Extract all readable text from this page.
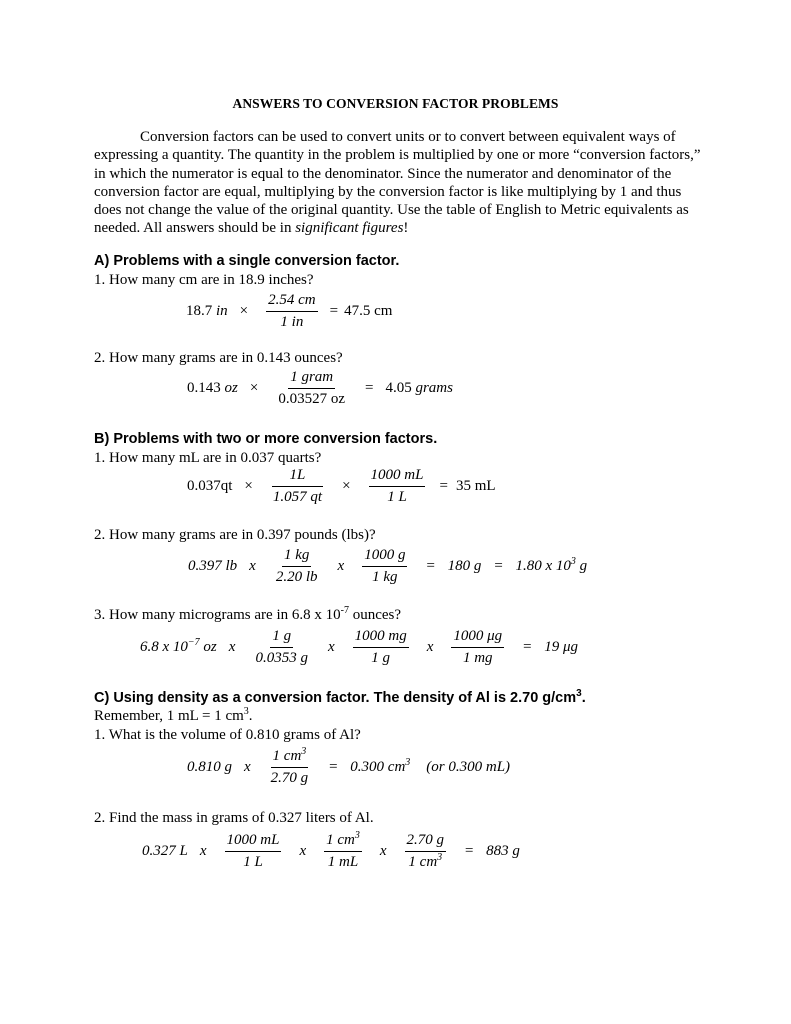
ANSWERS TO CONVERSION FACTOR PROBLEMS
Conversion factors can be used to convert units or to convert between equivalent ways of expressing a quantity. The quantity in the problem is multiplied by one or more “conversion factors,” in which the numerator is equal to the denominator. Since the numerator and denominator of the conversion factor are equal, multiplying by the conversion factor is like multiplying by 1 and thus does not change the value of the original quantity. Use the table of English to Metric equivalents as needed. All answers should be in significant figures!
A) Problems with a single conversion factor.
1. How many cm are in 18.9 inches?
18.7 in × $\frac{2.54 cm}{1 in} = 47.5$ cm
2. How many grams are in 0.143 ounces?
0.143 oz × $\frac{\text{1 gram}}{0.03527 oz} = 4.05$ grams
B) Problems with two or more conversion factors.
1. How many mL are in 0.037 quarts?
$0.037qt \times \frac{1L}{1.057 qt} \times \frac{1000 mL}{1 L} = 35$ mL
2. How many grams are in 0.397 pounds (lbs)?
0.397 lb x $\frac{1 kg}{2.20 lb}$ x $\frac{1000 g}{1 kg} = 180$ g = 1.80 x $10^3$ g
3. How many micrograms are in 6.8 x $10^{-7}$ ounces?
6.8 x $10^{-7}$ oz x $\frac{1 g}{0.0353 g}$ x $\frac{1000 mg}{1 g}$ x $\frac{1000 \mu g}{1 mg} = 19$ μg
C) Using density as a conversion factor. The density of Al is 2.70 $g/cm^3$.
Remember, 1 mL = 1 $cm^3$.
1. What is the volume of 0.810 grams of Al?
0.810 g x $\frac{1 cm^3}{2.70 g} = 0.300$ $cm^3$ (or 0.300 mL)
2. Find the mass in grams of 0.327 liters of Al.
0.327 L x $\frac{1000 mL}{1 L}$ x $\frac{1 cm^3}{1 mL}$ x $\frac{2.70 g}{1 cm^3} = 883$ g
